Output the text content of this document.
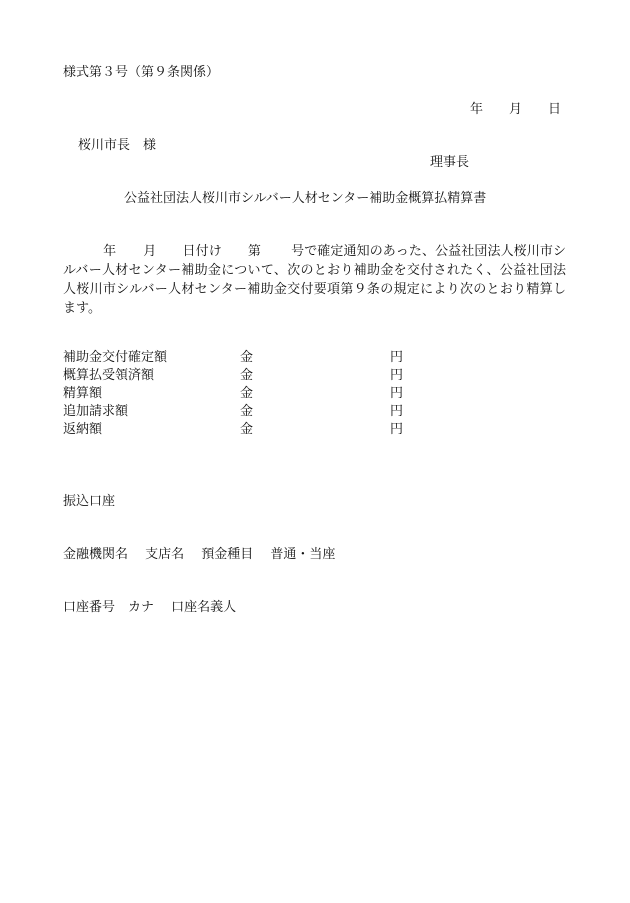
様式第３号（第９条関係）
年 月 日
桜川市長　様
理事長
公益社団法人桜川市シルバー人材センター補助金概算払精算書
年 月 日付け 第 号で確定通知のあった、公益社団法人桜川市シルバー人材センター補助金について、次のとおり補助金を交付されたく、公益社団法人桜川市シルバー人材センター補助金交付要項第９条の規定により次のとおり精算します。
補助金交付確定額	金	円
概算払受領済額	金	円
精算額	金	円
追加請求額	金	円
返納額	金	円
振込口座
金融機関名　 支店名　 預金種目　 普通・当座
口座番号　カナ　 口座名義人
